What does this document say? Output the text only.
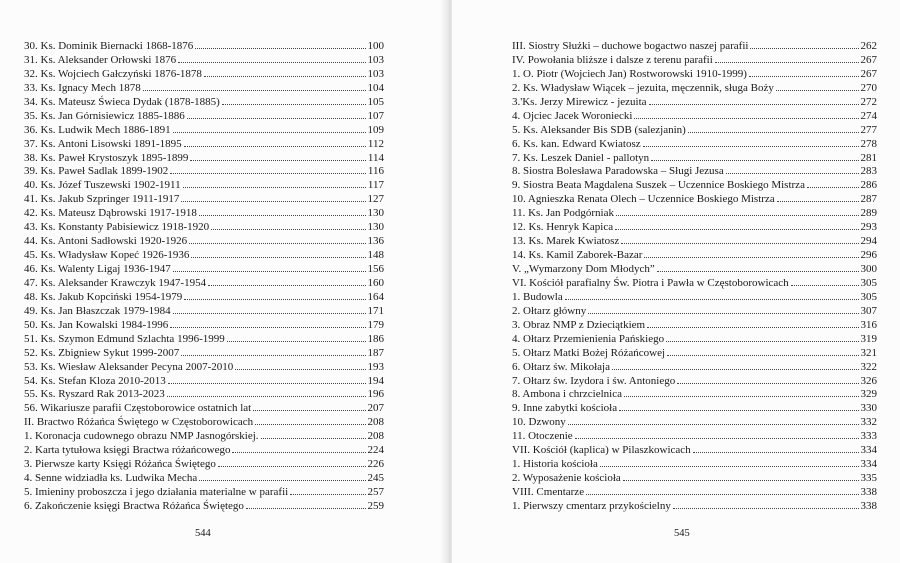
30. Ks. Dominik Biernacki 1868-1876	100
31. Ks. Aleksander Orłowski 1876	103
32. Ks. Wojciech Gałczyński 1876-1878	103
33. Ks. Ignacy Mech 1878	104
34. Ks. Mateusz Świeca Dydak (1878-1885)	105
35. Ks. Jan Górnisiewicz 1885-1886	107
36. Ks. Ludwik Mech 1886-1891	109
37. Ks. Antoni Lisowski 1891-1895	112
38. Ks. Paweł Krystoszyk 1895-1899	114
39. Ks. Paweł Sadlak 1899-1902	116
40. Ks. Józef Tuszewski 1902-1911	117
41. Ks. Jakub Szpringer 1911-1917	127
42. Ks. Mateusz Dąbrowski 1917-1918	130
43. Ks. Konstanty Pabisiewicz 1918-1920	130
44. Ks. Antoni Sadłowski 1920-1926	136
45. Ks. Władysław Kopeć 1926-1936	148
46. Ks. Walenty Ligaj 1936-1947	156
47. Ks. Aleksander Krawczyk 1947-1954	160
48. Ks. Jakub Kopciński 1954-1979	164
49. Ks. Jan Błaszczak 1979-1984	171
50. Ks. Jan Kowalski 1984-1996	179
51. Ks. Szymon Edmund Szlachta 1996-1999	186
52. Ks. Zbigniew Sykut 1999-2007	187
53. Ks. Wiesław Aleksander Pecyna 2007-2010	193
54. Ks. Stefan Kloza 2010-2013	194
55. Ks. Ryszard Rak 2013-2023	196
56. Wikariusze parafii Częstoborowice ostatnich lat	207
II. Bractwo Różańca Świętego w Częstoborowicach	208
1. Koronacja cudownego obrazu NMP Jasnogórskiej.	208
2. Karta tytułowa księgi Bractwa różańcowego	224
3. Pierwsze karty Księgi Różańca Świętego	226
4. Senne widziadła ks. Ludwika Mecha	245
5. Imieniny proboszcza i jego działania materialne w parafii	257
6. Zakończenie księgi Bractwa Różańca Świętego	259
544
III. Siostry Służki – duchowe bogactwo naszej parafii	262
IV. Powołania bliższe i dalsze z terenu parafii	267
1. O. Piotr (Wojciech Jan) Rostworowski 1910-1999)	267
2. Ks. Władysław Wiącek – jezuita, męczennik, sługa Boży	270
3.'Ks. Jerzy Mirewicz - jezuita	272
4. Ojciec Jacek Woroniecki	274
5. Ks. Aleksander Bis SDB (salezjanin)	277
6. Ks. kan. Edward Kwiatosz	278
7. Ks. Leszek Daniel - pallotyn	281
8. Siostra Bolesława Paradowska – Sługi Jezusa	283
9. Siostra Beata Magdalena Suszek – Uczennice Boskiego Mistrza	286
10. Agnieszka Renata Olech – Uczennice Boskiego Mistrza	287
11. Ks. Jan Podgórniak	289
12. Ks. Henryk Kapica	293
13. Ks. Marek Kwiatosz	294
14. Ks. Kamil Zaborek-Bazar	296
V. „Wymarzony Dom Młodych”	300
VI. Kościół parafialny Św. Piotra i Pawła w Częstoborowicach	305
1. Budowla	305
2. Ołtarz główny	307
3. Obraz NMP z Dzieciątkiem	316
4. Ołtarz Przemienienia Pańskiego	319
5. Ołtarz Matki Bożej Różańcowej	321
6. Ołtarz św. Mikołaja	322
7. Ołtarz św. Izydora i św. Antoniego	326
8. Ambona i chrzcielnica	329
9. Inne zabytki kościoła	330
10. Dzwony	332
11. Otoczenie	333
VII. Kościół (kaplica) w Pilaszkowicach	334
1. Historia kościoła	334
2. Wyposażenie kościoła	335
VIII. Cmentarze	338
1. Pierwszy cmentarz przykościelny	338
545
